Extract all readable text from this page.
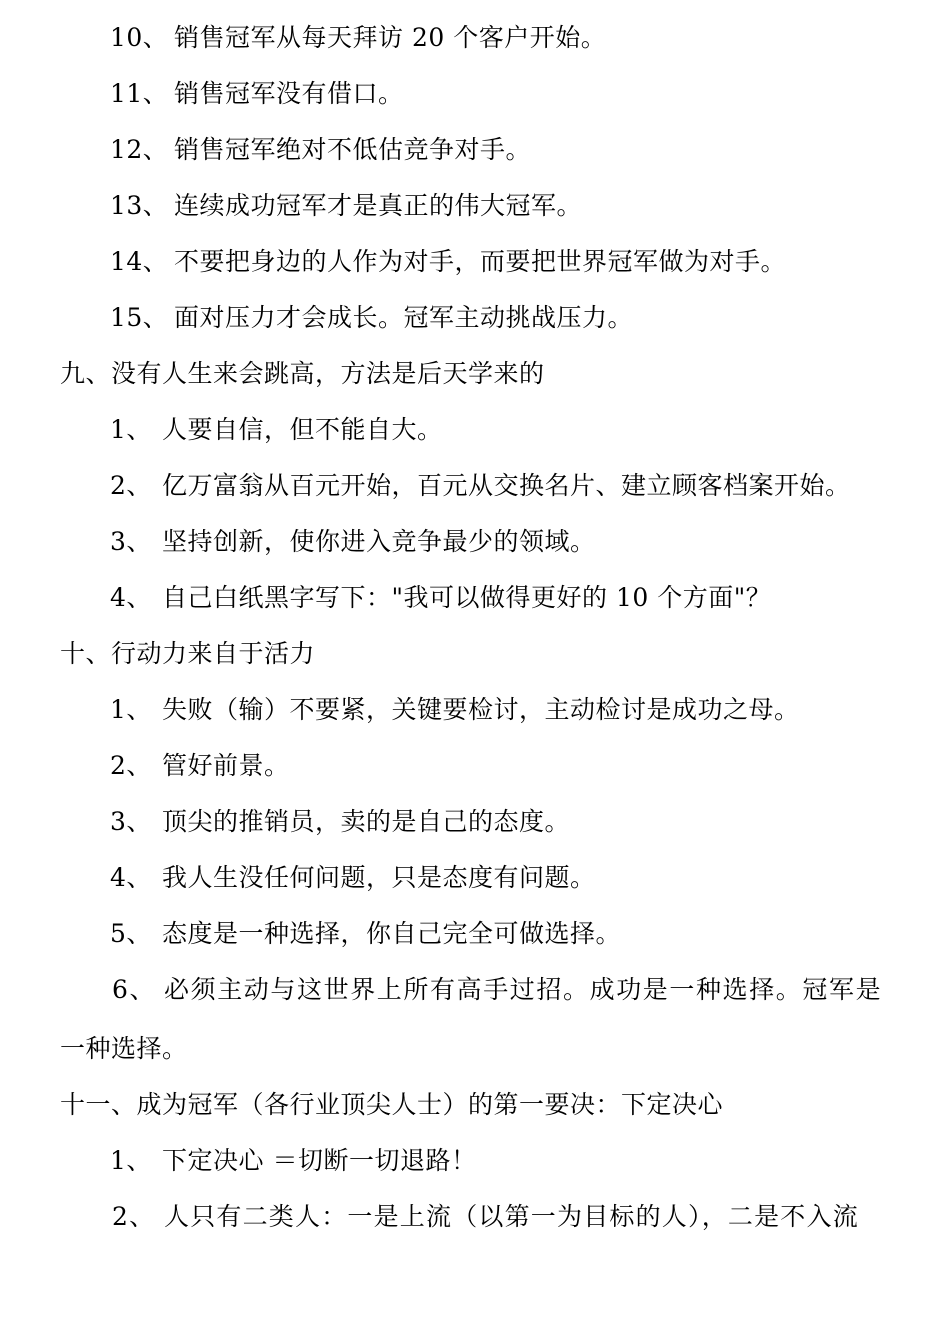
10、 销售冠军从每天拜访 20 个客户开始。
11、 销售冠军没有借口。
12、 销售冠军绝对不低估竞争对手。
13、 连续成功冠军才是真正的伟大冠军。
14、 不要把身边的人作为对手，而要把世界冠军做为对手。
15、 面对压力才会成长。冠军主动挑战压力。
九、没有人生来会跳高，方法是后天学来的
1、 人要自信，但不能自大。
2、 亿万富翁从百元开始，百元从交换名片、建立顾客档案开始。
3、 坚持创新，使你进入竞争最少的领域。
4、 自己白纸黑字写下："我可以做得更好的 10 个方面"？
十、行动力来自于活力
1、 失败（输）不要紧，关键要检讨，主动检讨是成功之母。
2、 管好前景。
3、 顶尖的推销员，卖的是自己的态度。
4、 我人生没任何问题，只是态度有问题。
5、 态度是一种选择，你自己完全可做选择。
6、 必须主动与这世界上所有高手过招。成功是一种选择。冠军是
一种选择。
十一、成为冠军（各行业顶尖人士）的第一要决：下定决心
1、 下定决心 ＝切断一切退路！
2、 人只有二类人：一是上流（以第一为目标的人），二是不入流
